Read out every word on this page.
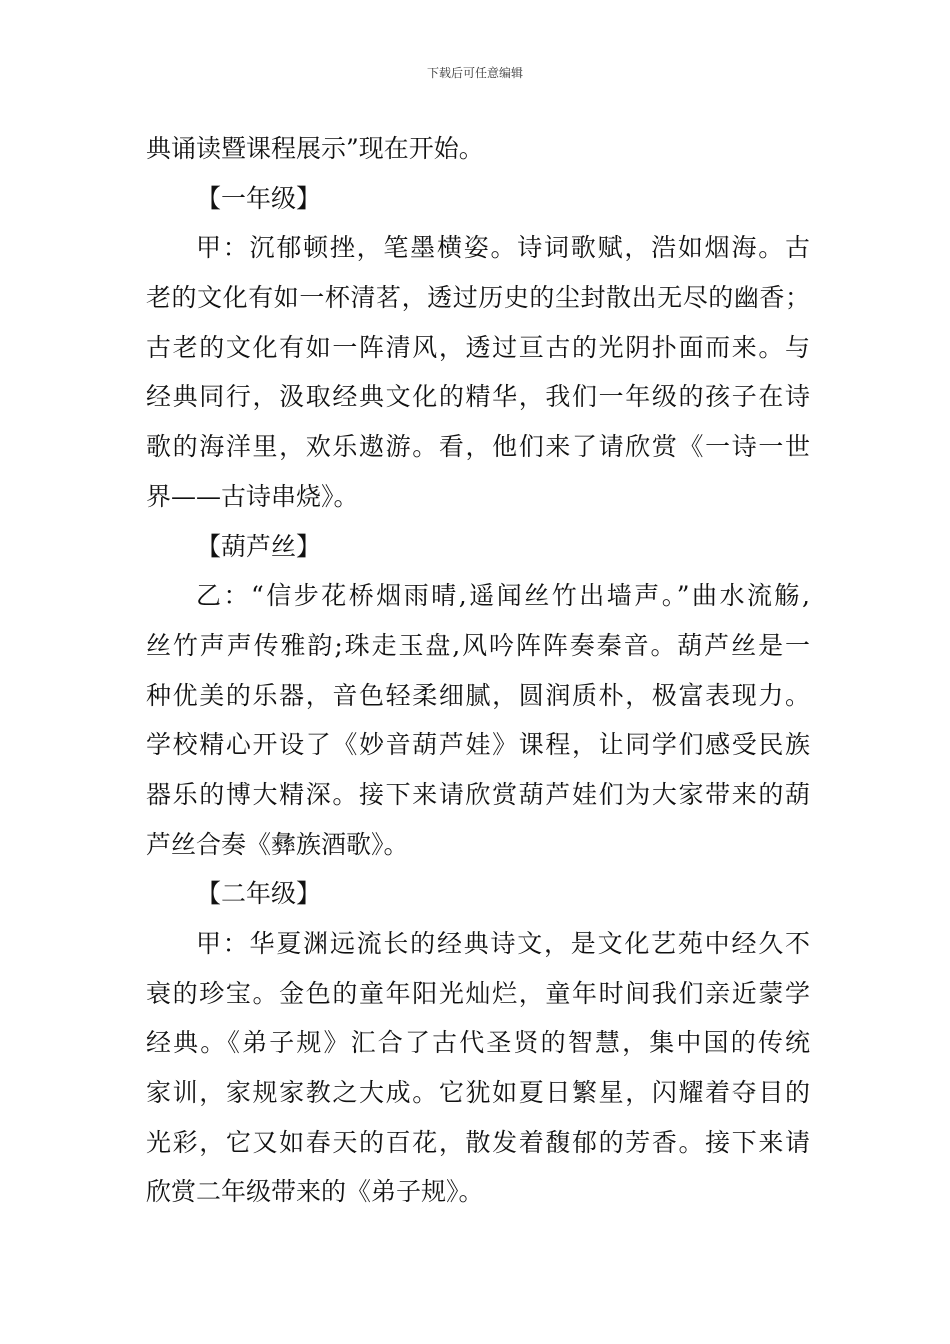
下载后可任意编辑
典诵读暨课程展示”现在开始。
【一年级】
甲：沉郁顿挫，笔墨横姿。诗词歌赋，浩如烟海。古
老的文化有如一杯清茗，透过历史的尘封散出无尽的幽香；
古老的文化有如一阵清风，透过亘古的光阴扑面而来。与
经典同行，汲取经典文化的精华，我们一年级的孩子在诗
歌的海洋里，欢乐遨游。看，他们来了请欣赏《一诗一世
界——古诗串烧》。
【葫芦丝】
乙：“信步花桥烟雨晴,遥闻丝竹出墙声。”曲水流觞,
丝竹声声传雅韵;珠走玉盘,风吟阵阵奏秦音。葫芦丝是一
种优美的乐器，音色轻柔细腻，圆润质朴，极富表现力。
学校精心开设了《妙音葫芦娃》课程，让同学们感受民族
器乐的博大精深。接下来请欣赏葫芦娃们为大家带来的葫
芦丝合奏《彝族酒歌》。
【二年级】
甲：华夏渊远流长的经典诗文，是文化艺苑中经久不
衰的珍宝。金色的童年阳光灿烂，童年时间我们亲近蒙学
经典。《弟子规》汇合了古代圣贤的智慧，集中国的传统
家训，家规家教之大成。它犹如夏日繁星，闪耀着夺目的
光彩，它又如春天的百花，散发着馥郁的芳香。接下来请
欣赏二年级带来的《弟子规》。
